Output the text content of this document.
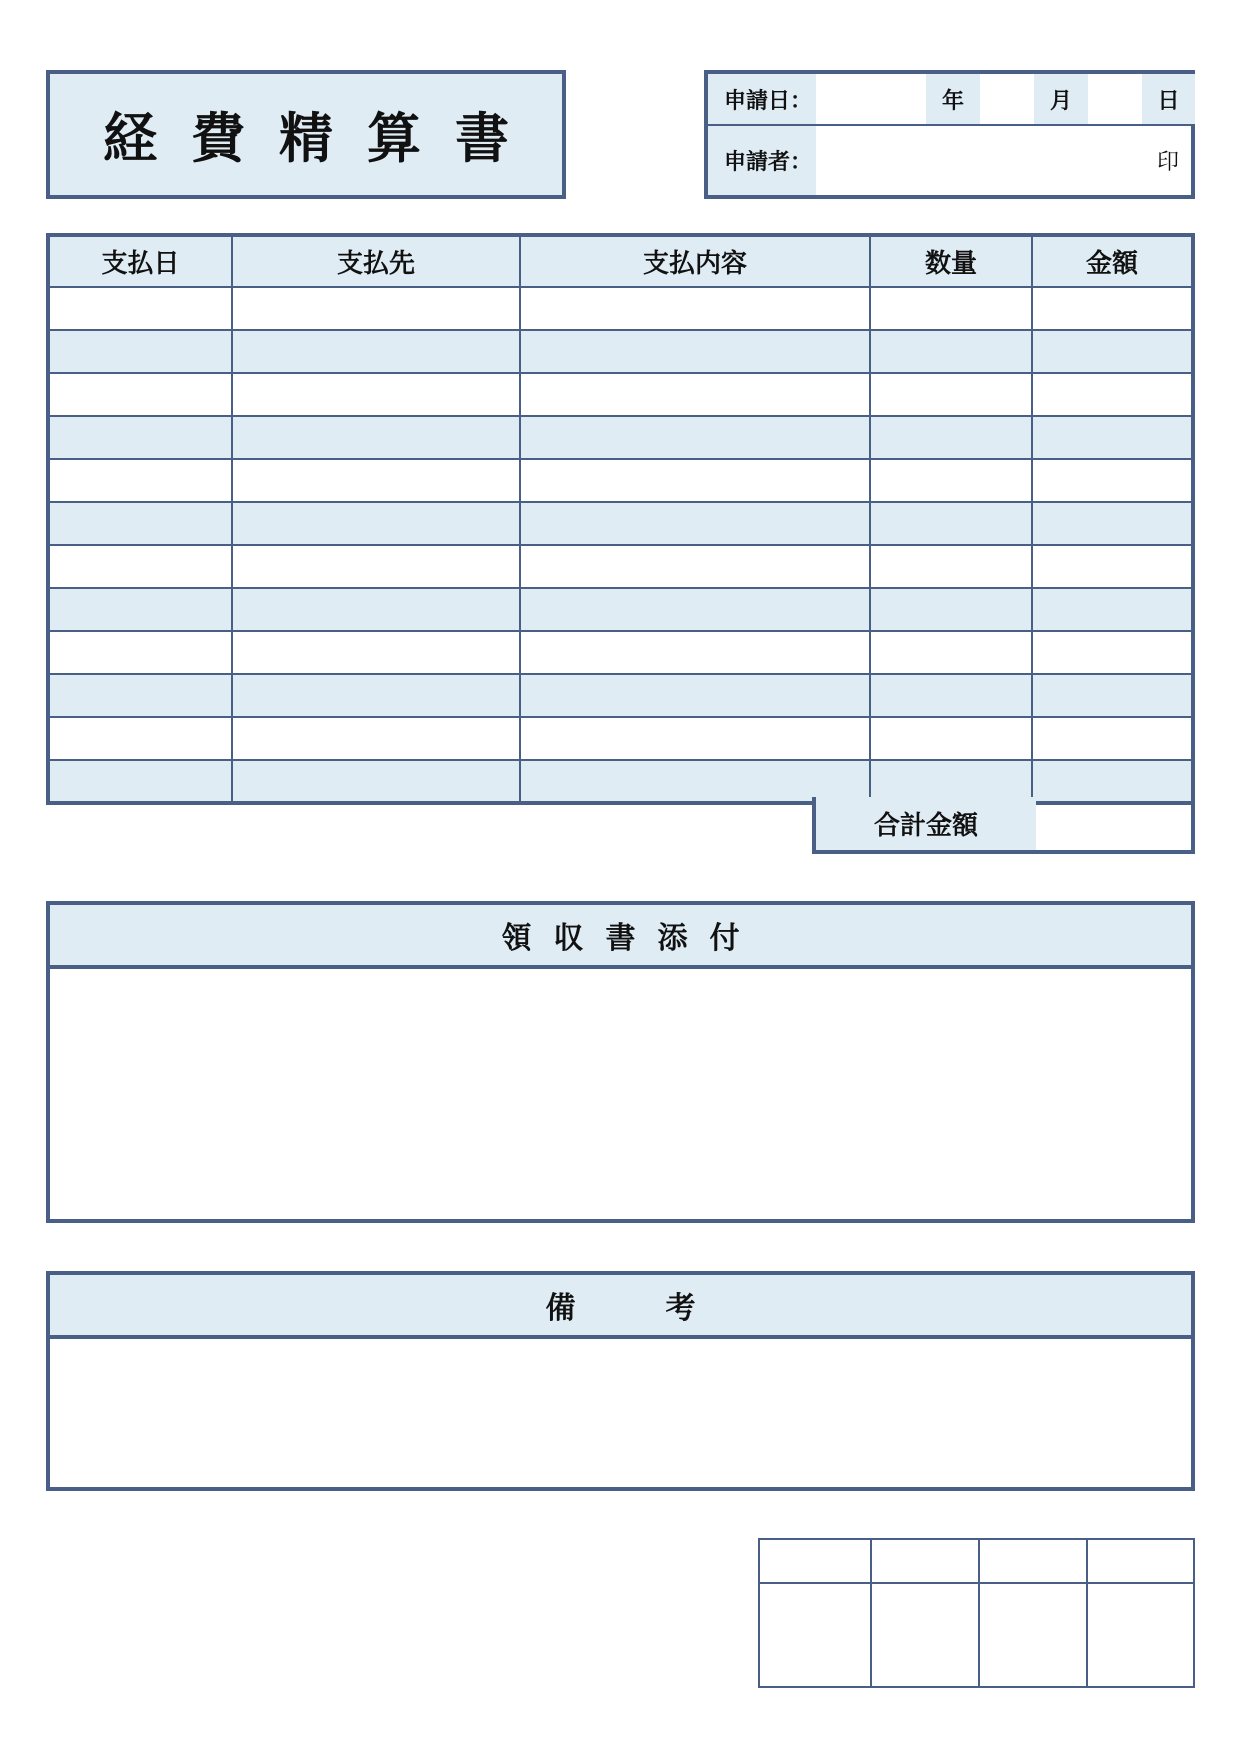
経費精算書
申請日：	年	月	日
申請者：	印
支払日	支払先	支払内容	数量	金額

合計金額
領収書添付
備考
